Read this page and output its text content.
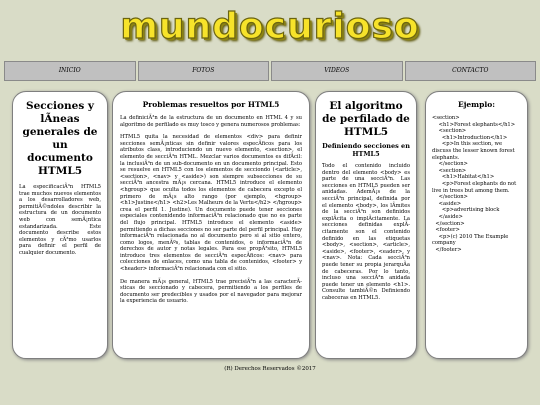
mundocurioso
INICIO	FOTOS	VIDEOS	CONTACTO
Secciones y lÃneas generales de un documento HTML5

La especificaciÃ³n HTML5 trae muchos nuevos elementos a los desarrolladores web, permitiÃ©ndoles describir la estructura de un documento web con semÃ¡ntica estandarizada. Este documento describe estos elementos y cÃ³mo usarlos para definir el perfil de cualquier documento.

Problemas resueltos por HTML5

La definiciÃ³n de la estructura de un documento en HTML 4 y su algoritmo de perfilado es muy tosco y genera numerosos problemas:

HTML5 quita la necesidad de elementos <div> para definir secciones semÃ¡nticas sin definir valores especÃficos para los atributos class, introduciendo un nuevo elemento, <section>, el elemento de secciÃ³n HTML. Mezclar varios documentos es difÃcil: la inclusiÃ³n de un sub-documento en un documento principal. Esto se resuelve en HTML5 con los elementos de secciondo (<article>, <section>, <nav> y <aside>) son siempre subsecciones de su secciÃ³n ancestra mÃ¡s cercana. HTML5 introduce el elemento <hgroup> que oculta todos los elementos de cabecera excepto el primero de mÃ¡s alto rango (por ejemplo, <hgroup> <h1>Justine</h1> <h2>Les Malheurs de la Vertu</h2> </hgroup> crea el perfil 1. Justine). Un documento puede tener secciones especiales contenidendo informaciÃ³n relacionado que no es parte del flujo principal. HTML5 introduce el elemento <aside> permitiendo a dichas secciones no ser parte del perfil principal. Hay informaciÃ³n relacionada no al documento pero si al sitio entero, como logos, menÃºs, tablas de contenidos, o informaciÃ³n de derechos de autor y notas legales. Para ese propÃ³sito, HTML5 introduce tres elementos de secciÃ³n especÃficos: <nav> para colecciones de enlaces, como una tabla de contenidos, <footer> y <header> informaciÃ³n relacionada con el sitio.

De manera mÃ¡s general, HTML5 trae precisiÃ³n a las caracterÃsticas de seccionado y cabecera, permitiendo a los perfiles de documento ser predecibles y usados por el navegador para mejorar la experiencia de usuario.

El algoritmo de perfilado de HTML5
Definiendo secciones en HTML5

Todo el contenido incluido dentro del elemento <body> es parte de una secciÃ³n. Las secciones en HTML5 pueden ser anidadas. AdemÃ¡s de la secciÃ³n principal, definida por el elemento <body>, los lÃmites de la secciÃ³n son definidos explÃcita o implÃcitamente. La secciones definidas explÃcitamente son el contenido definido en las etiquetas <body>, <section>, <article>, <aside>, <footer>, <eader>, y <nav>. Nota: Cada secciÃ³n puede tener su propia jerarquÃa de cabeceras. Por lo tanto, incluso una secciÃ³n anidada puede tener un elemento <h1>. Consulte tambiÃ©n Definiendo cabeceras en HTML5.

Ejemplo:
<section>
<h1>Forest elephants</h1>
<section>
<h1>Introduction</h1>
<p>In this section, we discuss the lesser known forest elephants.
</section>
<section>
<h1>Habitat</h1>
<p>Forest elephants do not live in trees but among them.
</section>
<aside>
<p>advertising block
</aside>
</section>
<footer>
<p>(c) 2010 The Example company
</footer>
(R) Derechos Reservados ©2017
